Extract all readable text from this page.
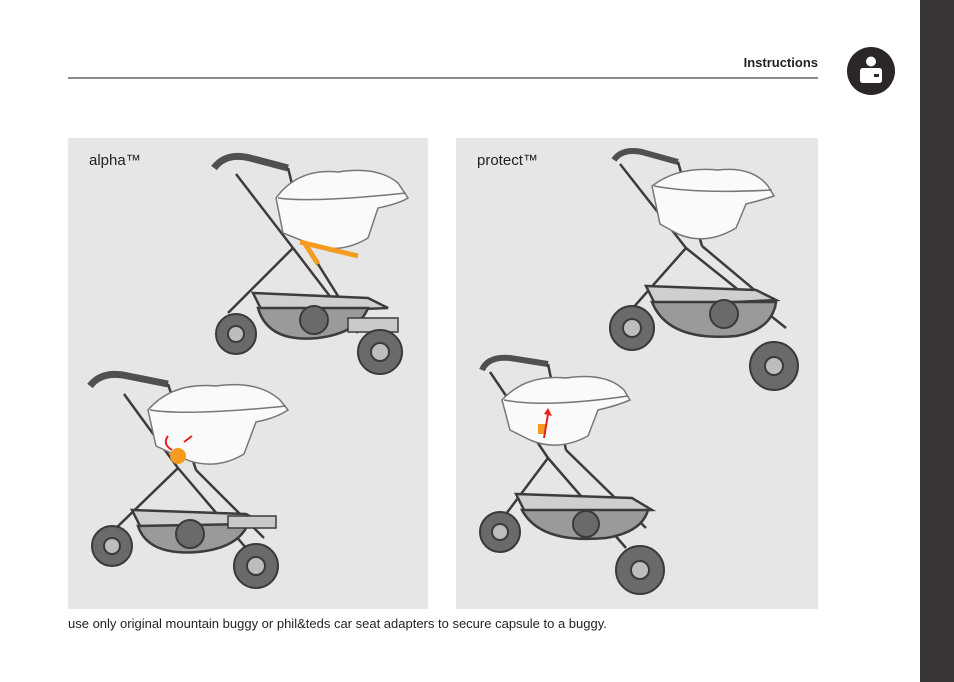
Instructions
alpha™	protect™
use only original mountain buggy or phil&teds car seat adapters to secure capsule to a buggy.
